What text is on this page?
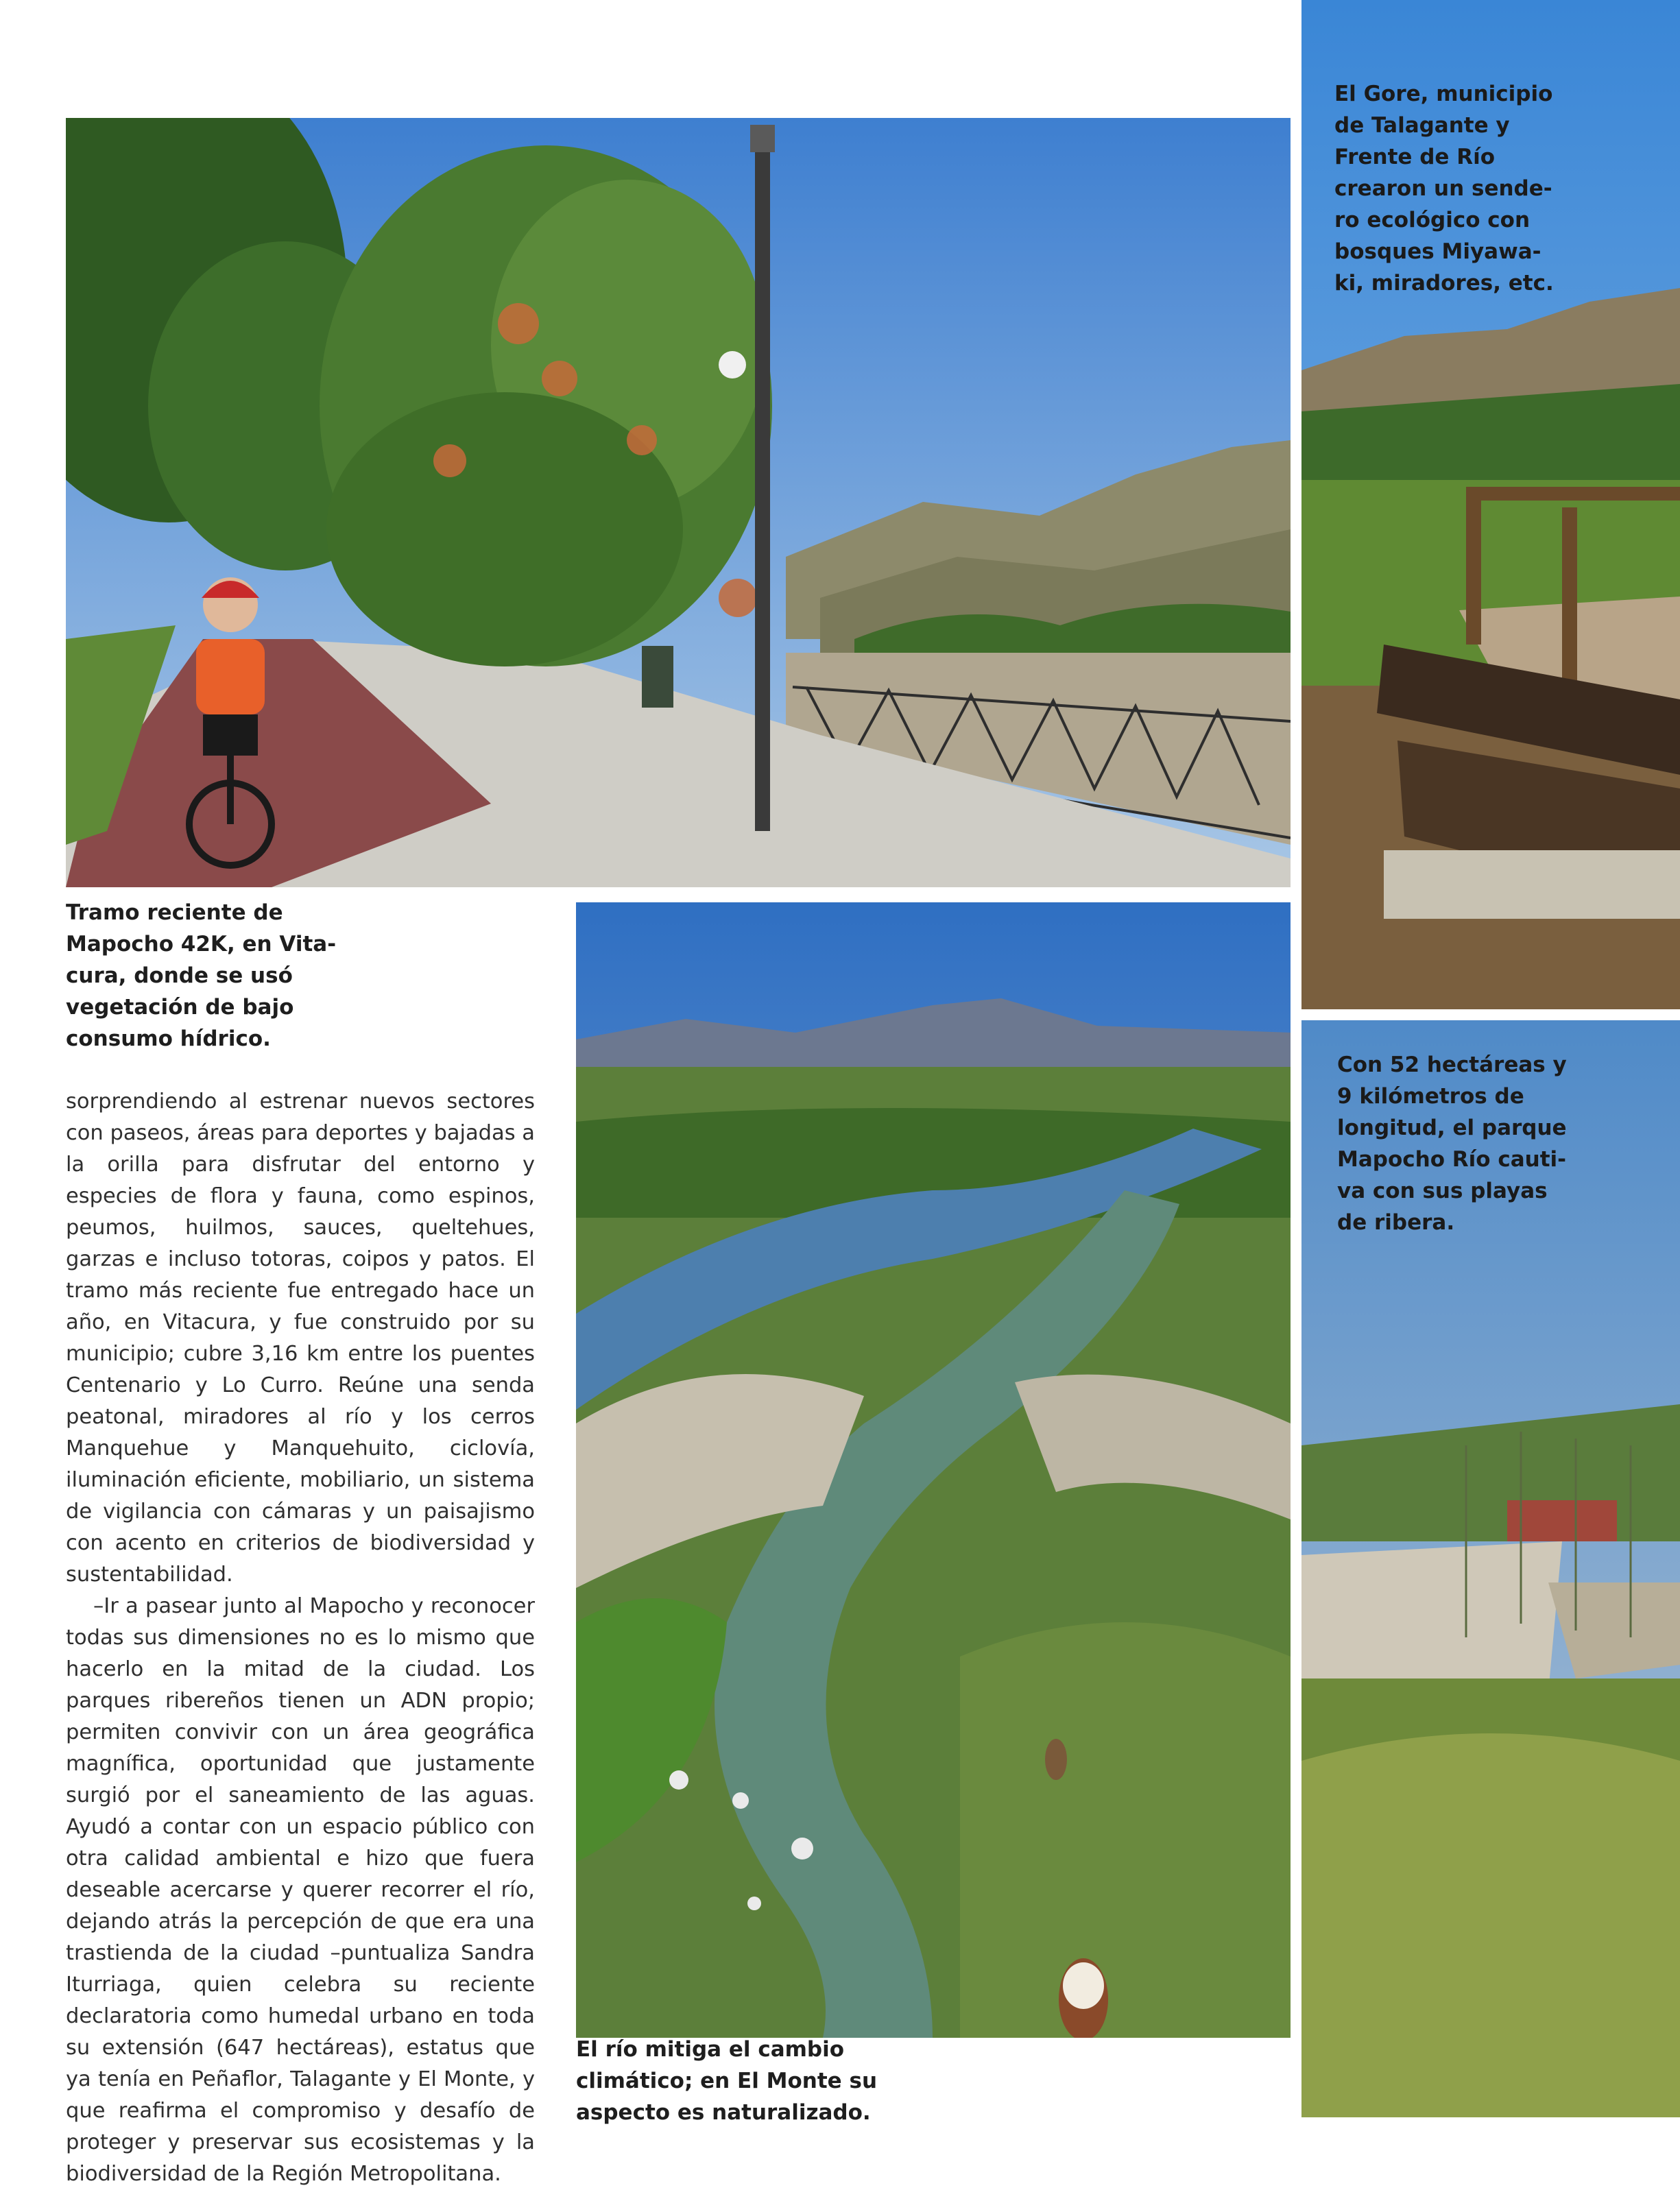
Tramo reciente de
Mapocho 42K, en Vita-
cura, donde se usó
vegetación de bajo
consumo hídrico.
El Gore, municipio
de Talagante y
Frente de Río
crearon un sende-
ro ecológico con
bosques Miyawa-
ki, miradores, etc.
Con 52 hectáreas y
9 kilómetros de
longitud, el parque
Mapocho Río cauti-
va con sus playas
de ribera.
El río mitiga el cambio
climático; en El Monte su
aspecto es naturalizado.

sorprendiendo al estrenar nuevos sectores con paseos, áreas para deportes y bajadas a la orilla para disfrutar del entorno y especies de flora y fauna, como espinos, peumos, huilmos, sauces, queltehues, garzas e incluso totoras, coipos y patos. El tramo más reciente fue entregado hace un año, en Vitacura, y fue construido por su municipio; cubre 3,16 km entre los puentes Centenario y Lo Curro. Reúne una senda peatonal, miradores al río y los cerros Manquehue y Manquehuito, ciclovía, iluminación eficiente, mobiliario, un sistema de vigilancia con cámaras y un paisajismo con acento en criterios de biodiversidad y sustentabilidad.

–Ir a pasear junto al Mapocho y reconocer todas sus dimensiones no es lo mismo que hacerlo en la mitad de la ciudad. Los parques ribereños tienen un ADN propio; permiten convivir con un área geográfica magnífica, oportunidad que justamente surgió por el saneamiento de las aguas. Ayudó a contar con un espacio público con otra calidad ambiental e hizo que fuera deseable acercarse y querer recorrer el río, dejando atrás la percepción de que era una trastienda de la ciudad –puntualiza Sandra Iturriaga, quien celebra su reciente declaratoria como humedal urbano en toda su extensión (647 hectáreas), estatus que ya tenía en Peñaflor, Talagante y El Monte, y que reafirma el compromiso y desafío de proteger y preservar sus ecosistemas y la biodiversidad de la Región Metropolitana.
